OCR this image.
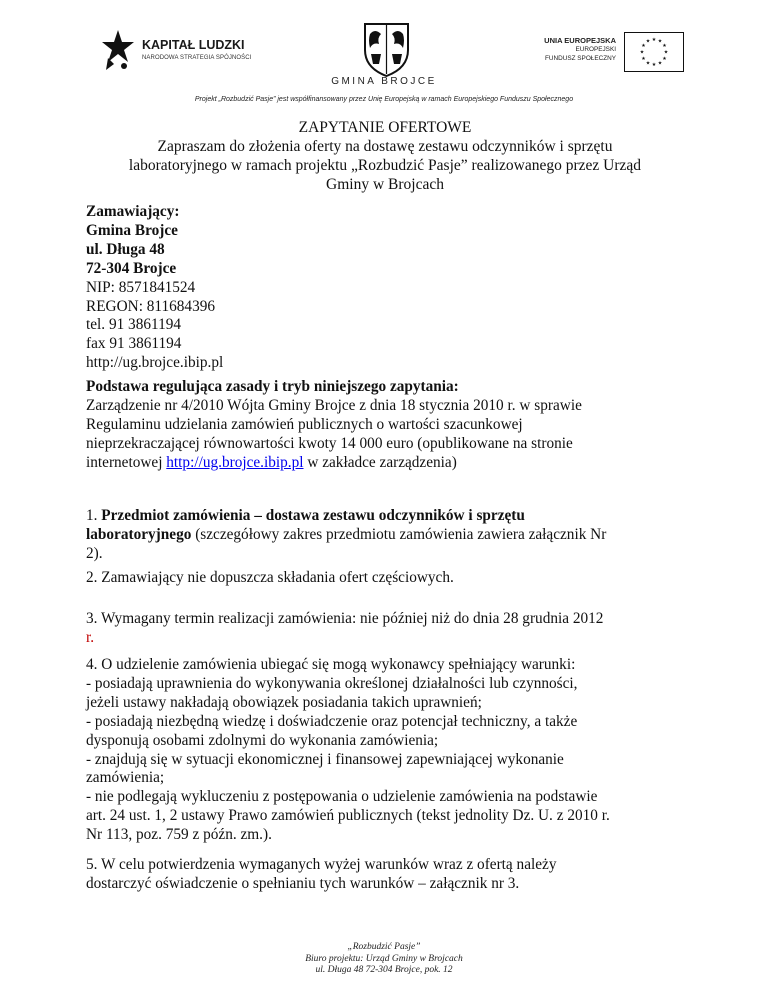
KAPITAŁ LUDZKI
NARODOWA STRATEGIA SPÓJNOŚCI
GMINA BROJCE
UNIA EUROPEJSKA
EUROPEJSKI
FUNDUSZ SPOŁECZNY
★ ★
★
★
★
★
★
★
★
★
★
★
Projekt „Rozbudzić Pasje” jest współfinansowany przez Unię Europejską w ramach Europejskiego Funduszu Społecznego
ZAPYTANIE OFERTOWE
Zapraszam do złożenia oferty na dostawę zestawu odczynników i sprzętu
laboratoryjnego w ramach projektu „Rozbudzić Pasje” realizowanego przez Urząd
Gminy w Brojcach
Zamawiający:
Gmina Brojce
ul. Długa 48
72-304 Brojce
NIP: 8571841524
REGON: 811684396
tel. 91 3861194
fax 91 3861194
http://ug.brojce.ibip.pl
Podstawa regulująca zasady i tryb niniejszego zapytania:
Zarządzenie nr 4/2010 Wójta Gminy Brojce z dnia 18 stycznia 2010 r. w sprawie
Regulaminu udzielania zamówień publicznych o wartości szacunkowej
nieprzekraczającej równowartości kwoty 14 000 euro (opublikowane na stronie
internetowej http://ug.brojce.ibip.pl w zakładce zarządzenia)
1. Przedmiot zamówienia – dostawa zestawu odczynników i sprzętu
laboratoryjnego (szczegółowy zakres przedmiotu zamówienia zawiera załącznik Nr
2).
2. Zamawiający nie dopuszcza składania ofert częściowych.
3. Wymagany termin realizacji zamówienia: nie później niż do dnia 28 grudnia 2012
r.
4. O udzielenie zamówienia ubiegać się mogą wykonawcy spełniający warunki:
- posiadają uprawnienia do wykonywania określonej działalności lub czynności,
jeżeli ustawy nakładają obowiązek posiadania takich uprawnień;
- posiadają niezbędną wiedzę i doświadczenie oraz potencjał techniczny, a także
dysponują osobami zdolnymi do wykonania zamówienia;
- znajdują się w sytuacji ekonomicznej i finansowej zapewniającej wykonanie
zamówienia;
- nie podlegają wykluczeniu z postępowania o udzielenie zamówienia na podstawie
art. 24 ust. 1, 2 ustawy Prawo zamówień publicznych (tekst jednolity Dz. U. z 2010 r.
Nr 113, poz. 759 z późn. zm.).
5. W celu potwierdzenia wymaganych wyżej warunków wraz z ofertą należy
dostarczyć oświadczenie o spełnianiu tych warunków – załącznik nr 3.
„Rozbudzić Pasje”
Biuro projektu: Urząd Gminy w Brojcach
ul. Długa 48 72-304 Brojce, pok. 12
